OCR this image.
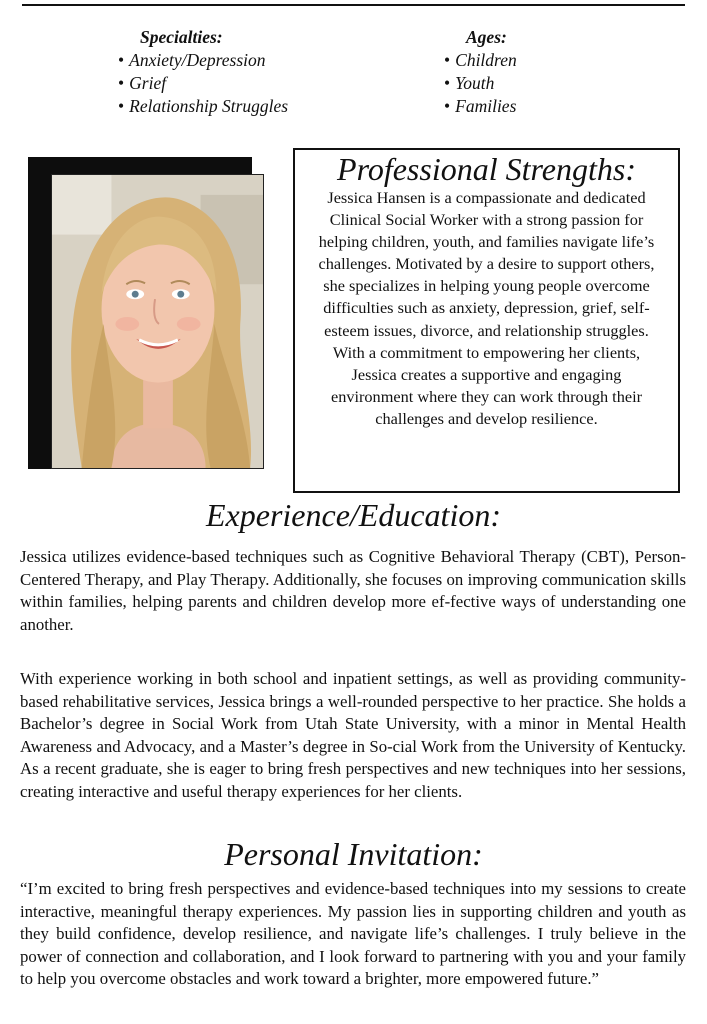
Specialties:
• Anxiety/Depression
• Grief
• Relationship Struggles
Ages:
• Children
• Youth
• Families
Professional Strengths:
Jessica Hansen is a compassionate and dedicated Clinical Social Worker with a strong passion for helping children, youth, and families navigate life’s challenges. Motivated by a desire to support others, she specializes in helping young people overcome difficulties such as anxiety, depression, grief, self-esteem issues, divorce, and relationship struggles. With a commitment to empowering her clients, Jessica creates a supportive and engaging environment where they can work through their challenges and develop resilience.
Experience/Education:
Jessica utilizes evidence-based techniques such as Cognitive Behavioral Therapy (CBT), Person-Centered Therapy, and Play Therapy. Additionally, she focuses on improving communication skills within families, helping parents and children develop more ef-fective ways of understanding one another.
With experience working in both school and inpatient settings, as well as providing community-based rehabilitative services, Jessica brings a well-rounded perspective to her practice. She holds a Bachelor’s degree in Social Work from Utah State University, with a minor in Mental Health Awareness and Advocacy, and a Master’s degree in So-cial Work from the University of Kentucky. As a recent graduate, she is eager to bring fresh perspectives and new techniques into her sessions, creating interactive and useful therapy experiences for her clients.
Personal Invitation:
“I’m excited to bring fresh perspectives and evidence-based techniques into my sessions to create interactive, meaningful therapy experiences. My passion lies in supporting children and youth as they build confidence, develop resilience, and navigate life’s challenges. I truly believe in the power of connection and collaboration, and I look forward to partnering with you and your family to help you overcome obstacles and work toward a brighter, more empowered future.”
